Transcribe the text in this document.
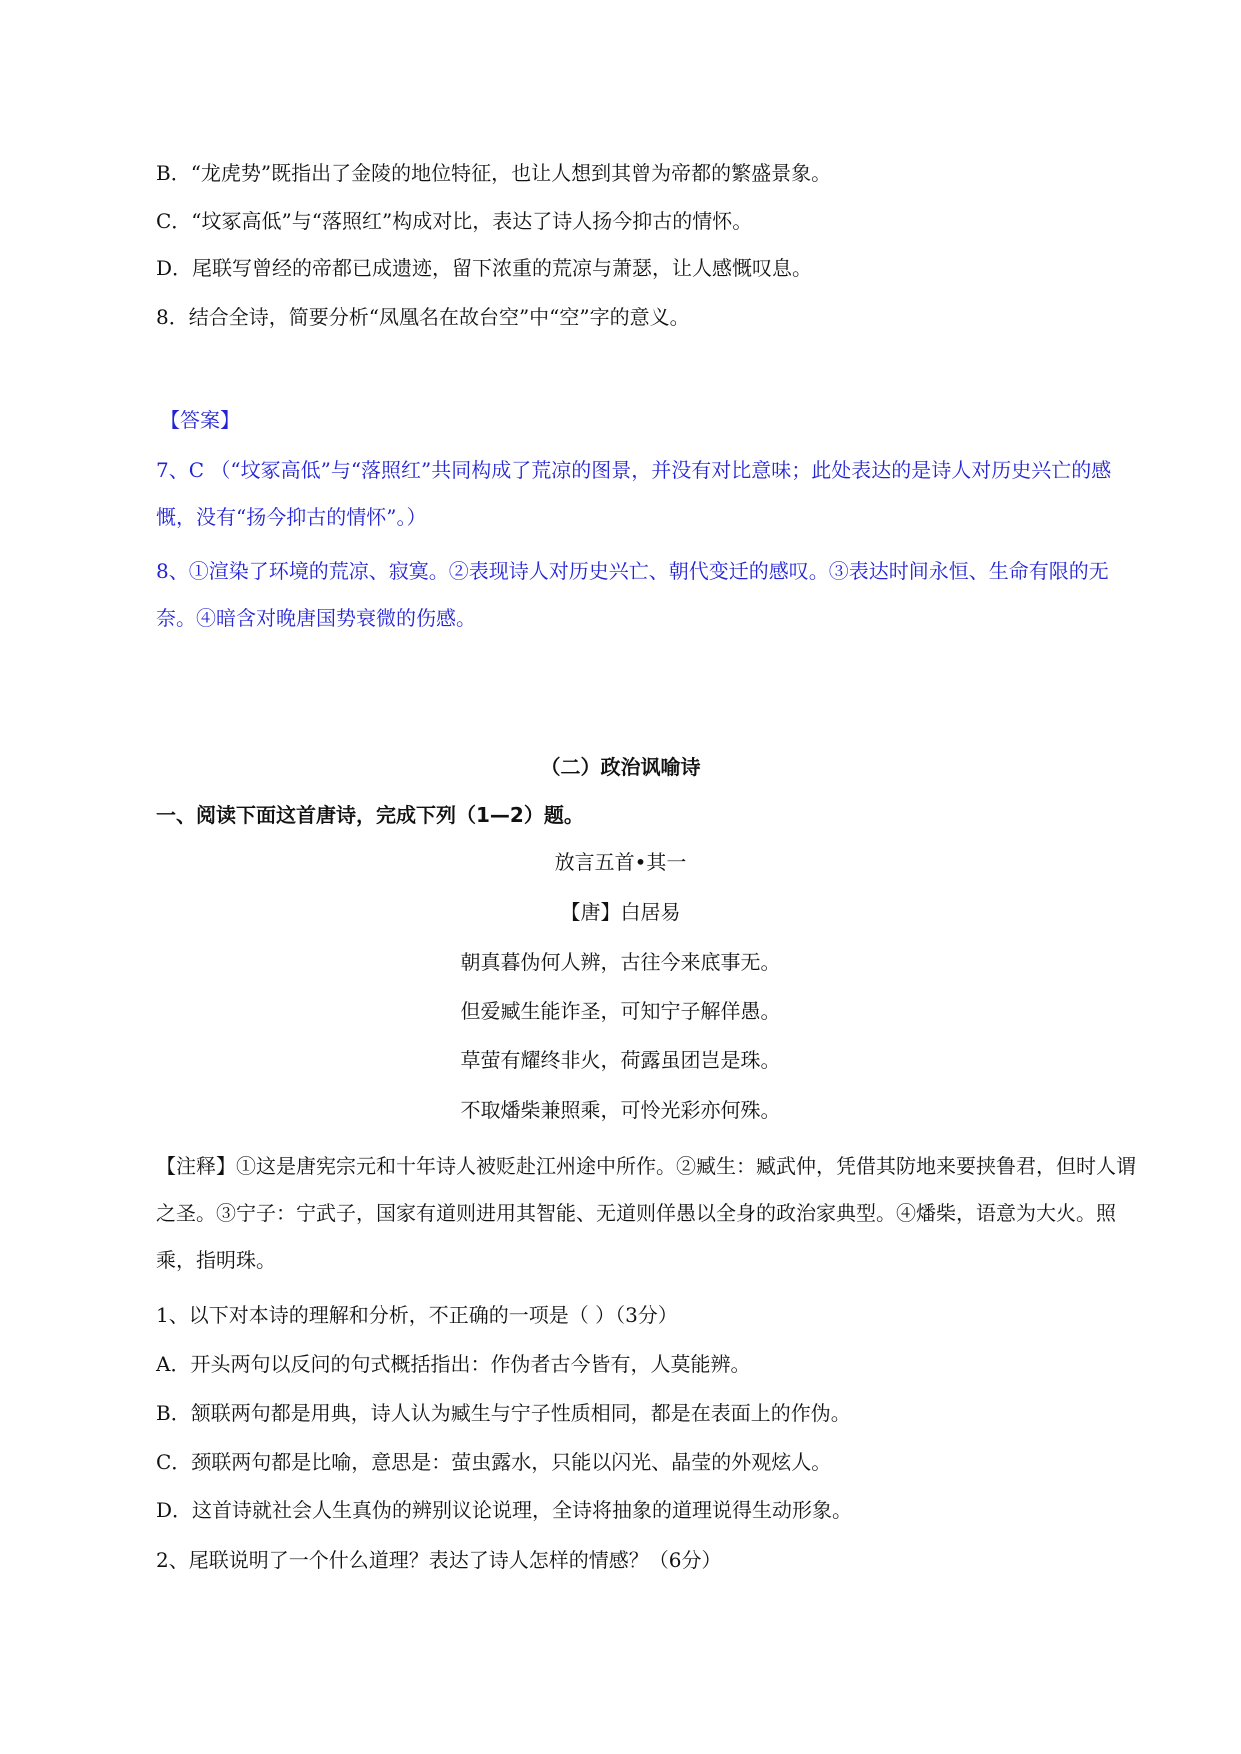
B．“龙虎势”既指出了金陵的地位特征，也让人想到其曾为帝都的繁盛景象。
C．“坟冢高低”与“落照红”构成对比，表达了诗人扬今抑古的情怀。
D．尾联写曾经的帝都已成遗迹，留下浓重的荒凉与萧瑟，让人感慨叹息。
8．结合全诗，简要分析“凤凰名在故台空”中“空”字的意义。
【答案】
7、C （“坟冢高低”与“落照红”共同构成了荒凉的图景，并没有对比意味；此处表达的是诗人对历史兴亡的感慨，没有“扬今抑古的情怀”。）
8、①渲染了环境的荒凉、寂寞。②表现诗人对历史兴亡、朝代变迁的感叹。③表达时间永恒、生命有限的无奈。④暗含对晚唐国势衰微的伤感。
（二）政治讽喻诗
一、阅读下面这首唐诗，完成下列（1—2）题。
放言五首•其一
【唐】白居易
朝真暮伪何人辨，古往今来底事无。
但爱臧生能诈圣，可知宁子解佯愚。
草萤有耀终非火，荷露虽团岂是珠。
不取燔柴兼照乘，可怜光彩亦何殊。
【注释】①这是唐宪宗元和十年诗人被贬赴江州途中所作。②臧生：臧武仲，凭借其防地来要挟鲁君，但时人谓之圣。③宁子：宁武子，国家有道则进用其智能、无道则佯愚以全身的政治家典型。④燔柴，语意为大火。照乘，指明珠。
1、以下对本诗的理解和分析，不正确的一项是（ ）（3分）
A．开头两句以反问的句式概括指出：作伪者古今皆有，人莫能辨。
B．颔联两句都是用典，诗人认为臧生与宁子性质相同，都是在表面上的作伪。
C．颈联两句都是比喻，意思是：萤虫露水，只能以闪光、晶莹的外观炫人。
D．这首诗就社会人生真伪的辨别议论说理，全诗将抽象的道理说得生动形象。
2、尾联说明了一个什么道理？表达了诗人怎样的情感？（6分）
